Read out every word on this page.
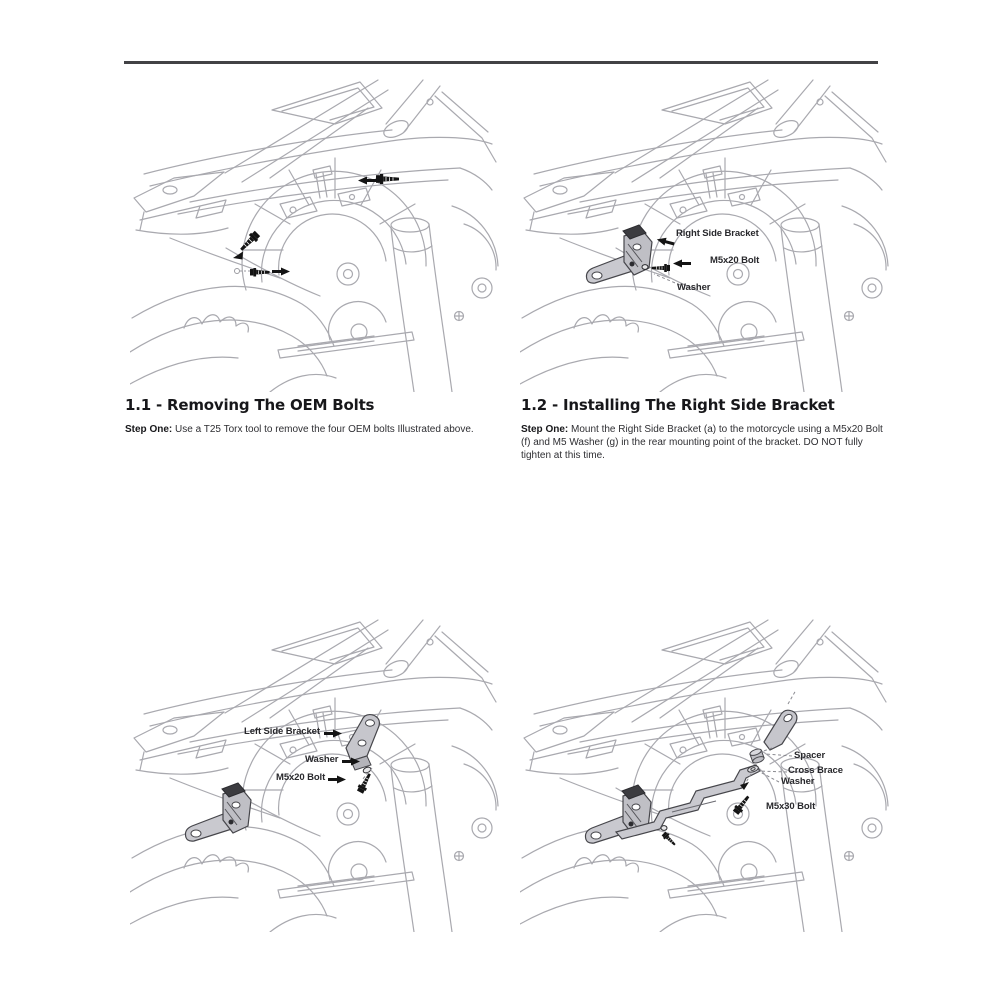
Right Side Bracket
M5x20 Bolt
Washer
Left Side Bracket
Washer
M5x20 Bolt
Spacer
Cross Brace
Washer
M5x30 Bolt
1.1 - Removing The OEM Bolts

Step One: Use a T25 Torx tool to remove the four OEM bolts Illustrated above.

1.2 - Installing The Right Side Bracket

Step One: Mount the Right Side Bracket (a) to the motorcycle using a M5x20 Bolt (f) and M5 Washer (g) in the rear mounting point of the bracket. DO NOT fully tighten at this time.
